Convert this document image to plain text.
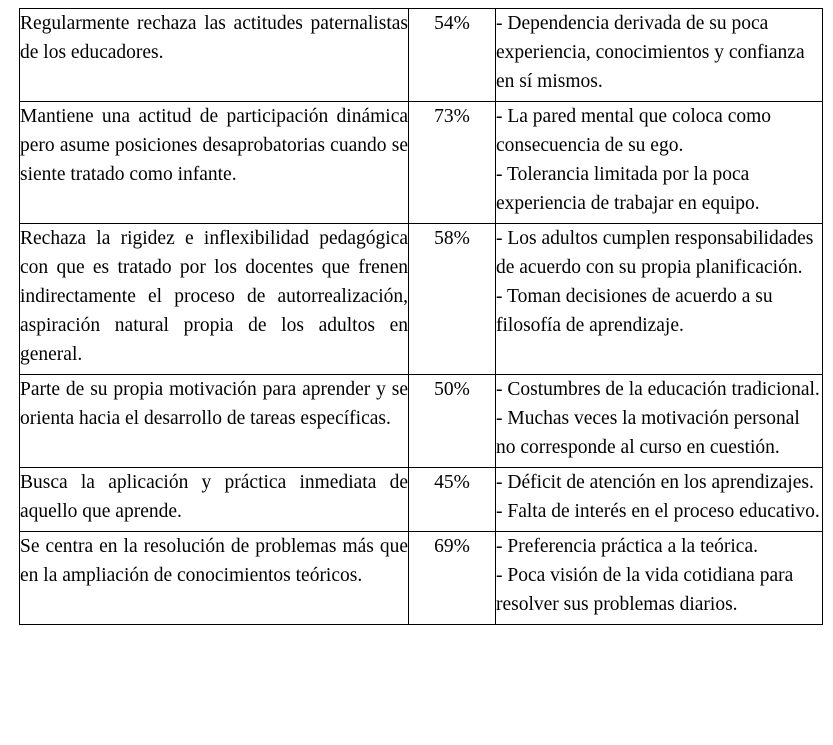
Regularmente rechaza las actitudes paternalistas de los educadores.	54%	- Dependencia derivada de su poca experiencia, conocimientos y confianza en sí mismos.

Mantiene una actitud de participación dinámica pero asume posiciones desaprobatorias cuando se siente tratado como infante.	73%	- La pared mental que coloca como consecuencia de su ego.
- Tolerancia limitada por la poca experiencia de trabajar en equipo.

Rechaza la rigidez e inflexibilidad pedagógica con que es tratado por los docentes que frenen indirectamente el proceso de autorrealización, aspiración natural propia de los adultos en general.	58%	- Los adultos cumplen responsabilidades de acuerdo con su propia planificación.
- Toman decisiones de acuerdo a su filosofía de aprendizaje.

Parte de su propia motivación para aprender y se orienta hacia el desarrollo de tareas específicas.	50%	- Costumbres de la educación tradicional.
- Muchas veces la motivación personal no corresponde al curso en cuestión.

Busca la aplicación y práctica inmediata de aquello que aprende.	45%	- Déficit de atención en los aprendizajes.
- Falta de interés en el proceso educativo.

Se centra en la resolución de problemas más que en la ampliación de conocimientos teóricos.	69%	- Preferencia práctica a la teórica.
- Poca visión de la vida cotidiana para resolver sus problemas diarios.
